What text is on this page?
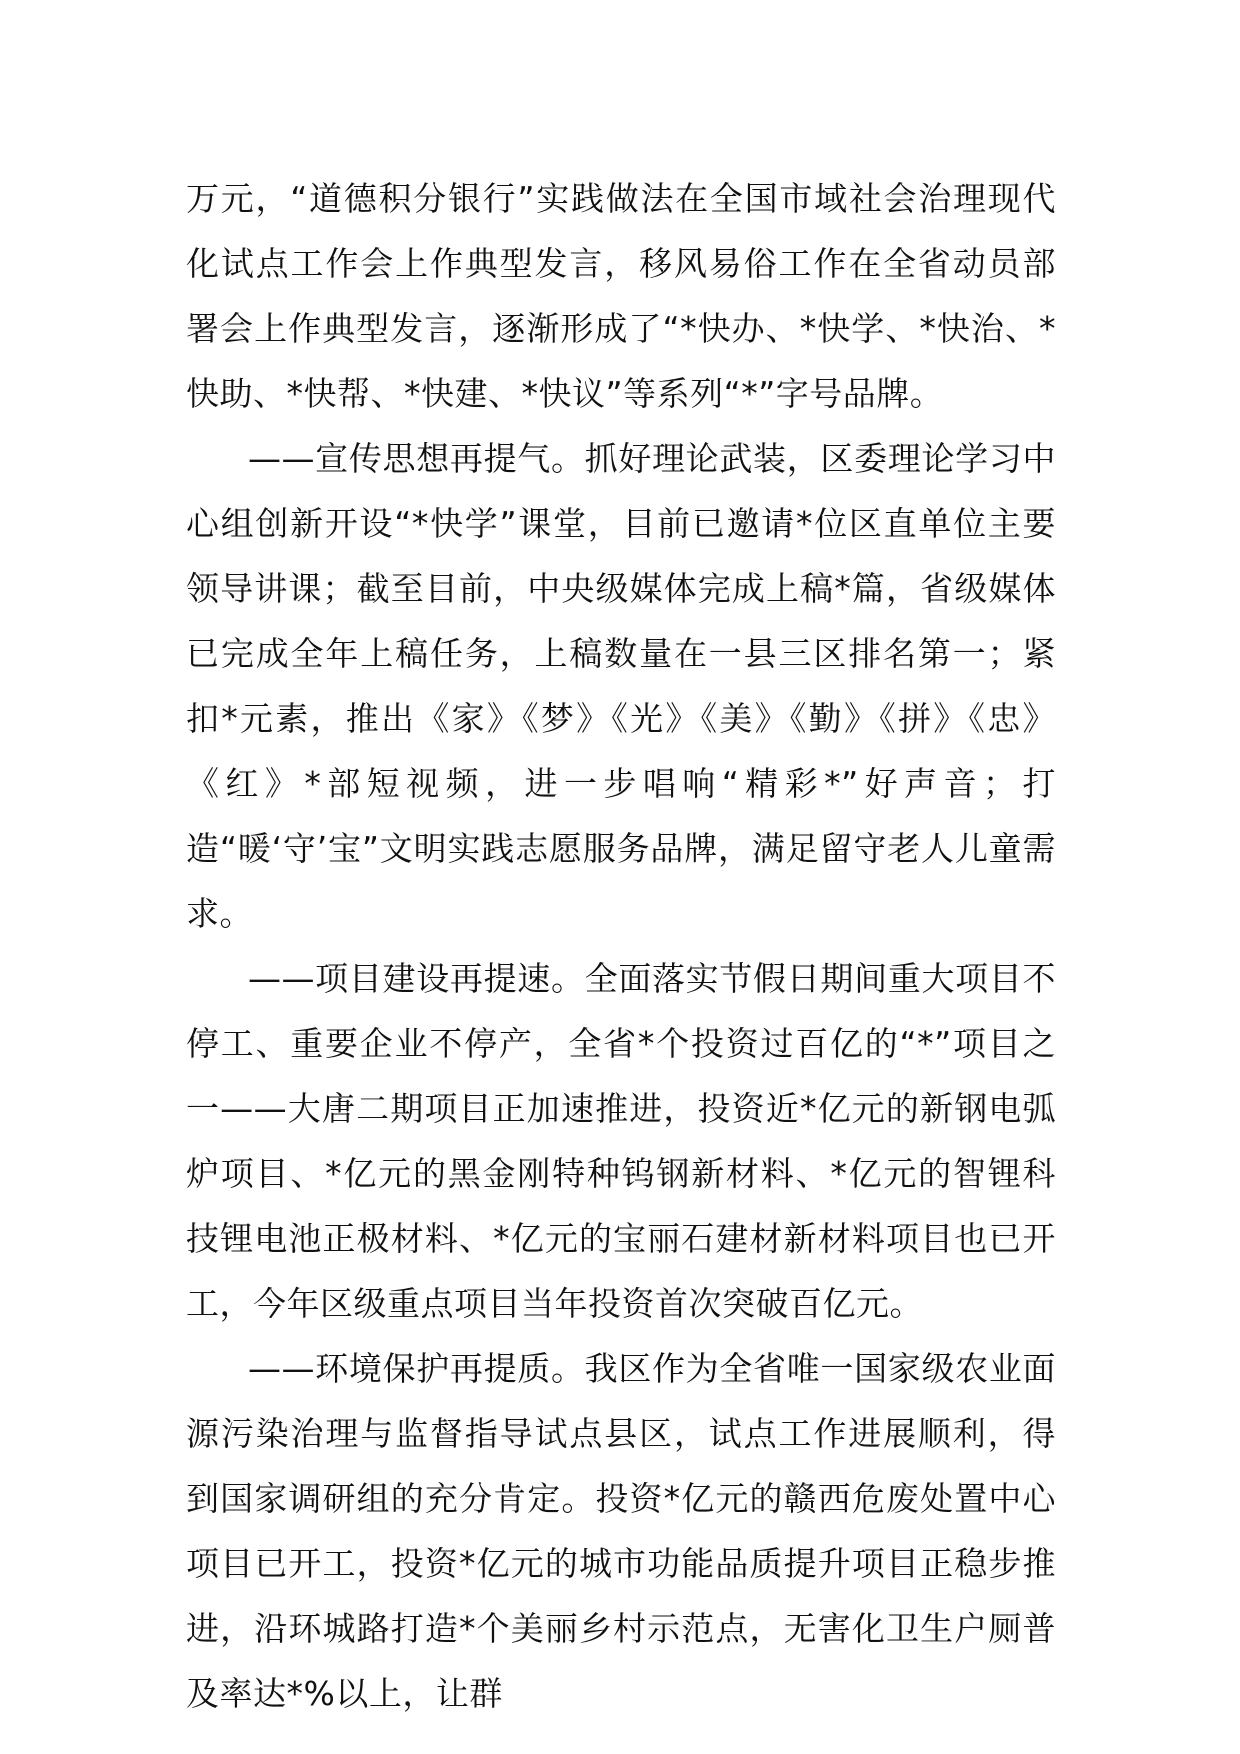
万元，“道德积分银行”实践做法在全国市域社会治理现代化试点工作会上作典型发言，移风易俗工作在全省动员部署会上作典型发言，逐渐形成了“*快办、*快学、*快治、*快助、*快帮、*快建、*快议”等系列“*”字号品牌。

——宣传思想再提气。抓好理论武装，区委理论学习中心组创新开设“*快学”课堂，目前已邀请*位区直单位主要领导讲课；截至目前，中央级媒体完成上稿*篇，省级媒体已完成全年上稿任务，上稿数量在一县三区排名第一；紧扣*元素，推出《家》《梦》《光》《美》《勤》《拼》《忠》《红》*部短视频，进一步唱响“精彩*”好声音；打造“暖‘守’宝”文明实践志愿服务品牌，满足留守老人儿童需求。

——项目建设再提速。全面落实节假日期间重大项目不停工、重要企业不停产，全省*个投资过百亿的“*”项目之一——大唐二期项目正加速推进，投资近*亿元的新钢电弧炉项目、*亿元的黑金刚特种钨钢新材料、*亿元的智锂科技锂电池正极材料、*亿元的宝丽石建材新材料项目也已开工，今年区级重点项目当年投资首次突破百亿元。

——环境保护再提质。我区作为全省唯一国家级农业面源污染治理与监督指导试点县区，试点工作进展顺利，得到国家调研组的充分肯定。投资*亿元的赣西危废处置中心项目已开工，投资*亿元的城市功能品质提升项目正稳步推进，沿环城路打造*个美丽乡村示范点，无害化卫生户厕普及率达*%以上，让群
